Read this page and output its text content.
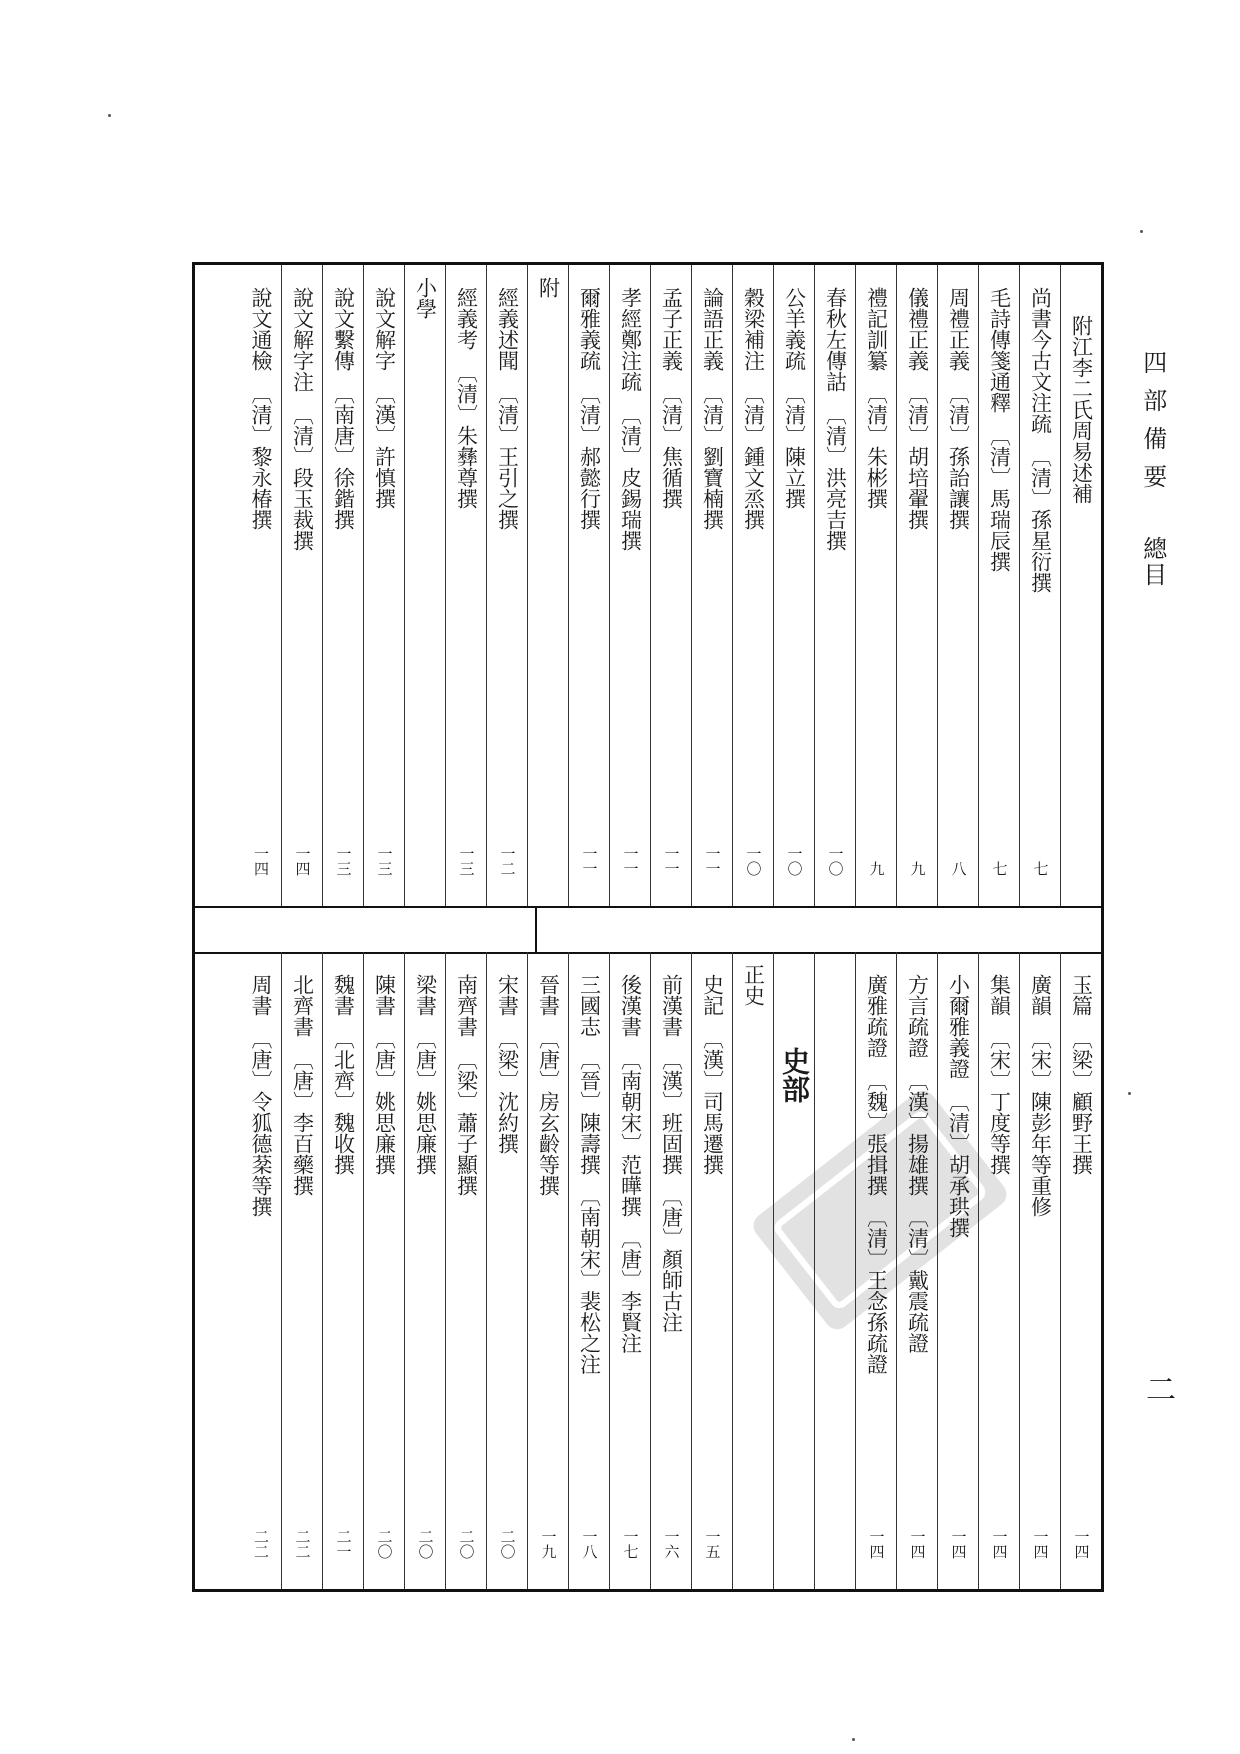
四部備要
總目
二
附江李二氏周易述補
尚書今古文注疏〔清〕孫星衍撰
七
毛詩傳箋通釋〔清〕馬瑞辰撰
七
周禮正義〔清〕孫詒讓撰
八
儀禮正義〔清〕胡培翬撰
九
禮記訓纂〔清〕朱彬撰
九
春秋左傳詁〔清〕洪亮吉撰
一〇
公羊義疏〔清〕陳立撰
一〇
穀梁補注〔清〕鍾文烝撰
一〇
論語正義〔清〕劉寶楠撰
一一
孟子正義〔清〕焦循撰
一一
孝經鄭注疏〔清〕皮錫瑞撰
一一
爾雅義疏〔清〕郝懿行撰
一一
附
經義述聞〔清〕王引之撰
一二
經義考〔清〕朱彝尊撰
一三
小學
說文解字〔漢〕許慎撰
一三
說文繫傳〔南唐〕徐鍇撰
一三
說文解字注〔清〕段玉裁撰
一四
說文通檢〔清〕黎永椿撰
一四
玉篇〔梁〕顧野王撰
一四
廣韻〔宋〕陳彭年等重修
一四
集韻〔宋〕丁度等撰
一四
小爾雅義證〔清〕胡承珙撰
一四
方言疏證〔漢〕揚雄撰　〔清〕戴震疏證
一四
廣雅疏證〔魏〕張揖撰　〔清〕王念孫疏證
一四
史部
正史
史記〔漢〕司馬遷撰
一五
前漢書〔漢〕班固撰　〔唐〕顏師古注
一六
後漢書〔南朝宋〕范曄撰　〔唐〕李賢注
一七
三國志〔晉〕陳壽撰　〔南朝宋〕裴松之注
一八
晉書〔唐〕房玄齡等撰
一九
宋書〔梁〕沈約撰
二〇
南齊書〔梁〕蕭子顯撰
二〇
梁書〔唐〕姚思廉撰
二〇
陳書〔唐〕姚思廉撰
二〇
魏書〔北齊〕魏收撰
二一
北齊書〔唐〕李百藥撰
二二
周書〔唐〕令狐德棻等撰
二二
